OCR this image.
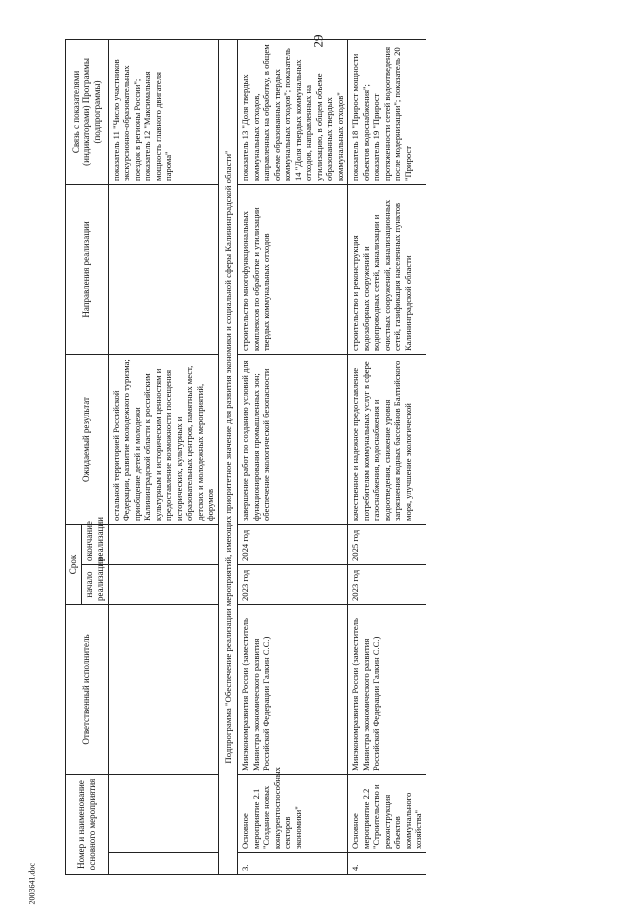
29
2003641.doc
Номер и наименование основного мероприятия		Ответственный исполнитель	Срок		Ожидаемый результат	Направления реализации	Связь с показателями (индикаторами) Программы (подпрограммы)
			начало реализации	окончание реализации			
					остальной территорией Российской Федерации, развитие молодежного туризма; приобщение детей и молодежи Калининградской области к российским культурным и историческим ценностям и предоставление возможности посещения исторических, культурных и образовательных центров, памятных мест, детских и молодежных мероприятий, форумов		показатель 11 "Число участников экскурсионно-образовательных поездок в регионы России"; показатель 12 "Максимальная мощность главного двигателя парома"
Подпрограмма "Обеспечение реализации мероприятий, имеющих приоритетное значение для развития экономики и социальной сферы Калининградской области"							
3.	Основное мероприятие 2.1 "Создание новых конкурентоспособных секторов экономики"	Минэкономразвития России (заместитель Министра экономического развития Российской Федерации Галкин С.С.)	2023 год	2024 год	завершение работ по созданию условий для функционирования промышленных зон; обеспечение экологической безопасности	строительство многофункциональных комплексов по обработке и утилизации твердых коммунальных отходов	показатель 13 "Доля твердых коммунальных отходов, направленных на обработку, в общем объеме образованных твердых коммунальных отходов"; показатель 14 "Доля твердых коммунальных отходов, направленных на утилизацию, в общем объеме образованных твердых коммунальных отходов"
4.	Основное мероприятие 2.2 "Строительство и реконструкция объектов коммунального хозяйства"	Минэкономразвития России (заместитель Министра экономического развития Российской Федерации Галкин С.С.)	2023 год	2025 год	качественное и надежное предоставление потребителям коммунальных услуг в сфере газоснабжения, водоснабжения и водоотведения, снижение уровня загрязнения водных бассейнов Балтийского моря, улучшение экологической	строительство и реконструкция водозаборных сооружений и водопроводных сетей, канализации и очистных сооружений, канализационных сетей, газификация населенных пунктов Калининградской области	показатель 18 "Прирост мощности объектов водоснабжения"; показатель 19 "Прирост протяженности сетей водоотведения после модернизации"; показатель 20 "Прирост
